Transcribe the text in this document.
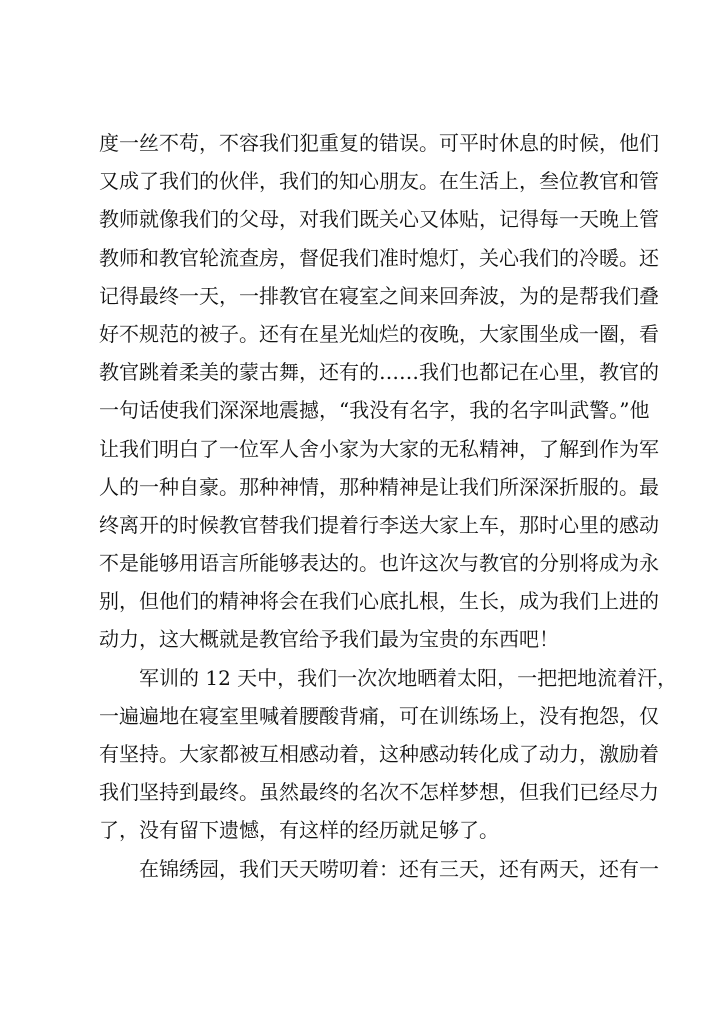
度一丝不苟，不容我们犯重复的错误。可平时休息的时候，他们
又成了我们的伙伴，我们的知心朋友。在生活上，叁位教官和管
教师就像我们的父母，对我们既关心又体贴，记得每一天晚上管
教师和教官轮流查房，督促我们准时熄灯，关心我们的冷暖。还
记得最终一天，一排教官在寝室之间来回奔波，为的是帮我们叠
好不规范的被子。还有在星光灿烂的夜晚，大家围坐成一圈，看
教官跳着柔美的蒙古舞，还有的……我们也都记在心里，教官的
一句话使我们深深地震撼，“我没有名字，我的名字叫武警。”他
让我们明白了一位军人舍小家为大家的无私精神，了解到作为军
人的一种自豪。那种神情，那种精神是让我们所深深折服的。最
终离开的时候教官替我们提着行李送大家上车，那时心里的感动
不是能够用语言所能够表达的。也许这次与教官的分别将成为永
别，但他们的精神将会在我们心底扎根，生长，成为我们上进的
动力，这大概就是教官给予我们最为宝贵的东西吧！
军训的 12 天中，我们一次次地晒着太阳，一把把地流着汗，
一遍遍地在寝室里喊着腰酸背痛，可在训练场上，没有抱怨，仅
有坚持。大家都被互相感动着，这种感动转化成了动力，激励着
我们坚持到最终。虽然最终的名次不怎样梦想，但我们已经尽力
了，没有留下遗憾，有这样的经历就足够了。
在锦绣园，我们天天唠叨着：还有三天，还有两天，还有一
